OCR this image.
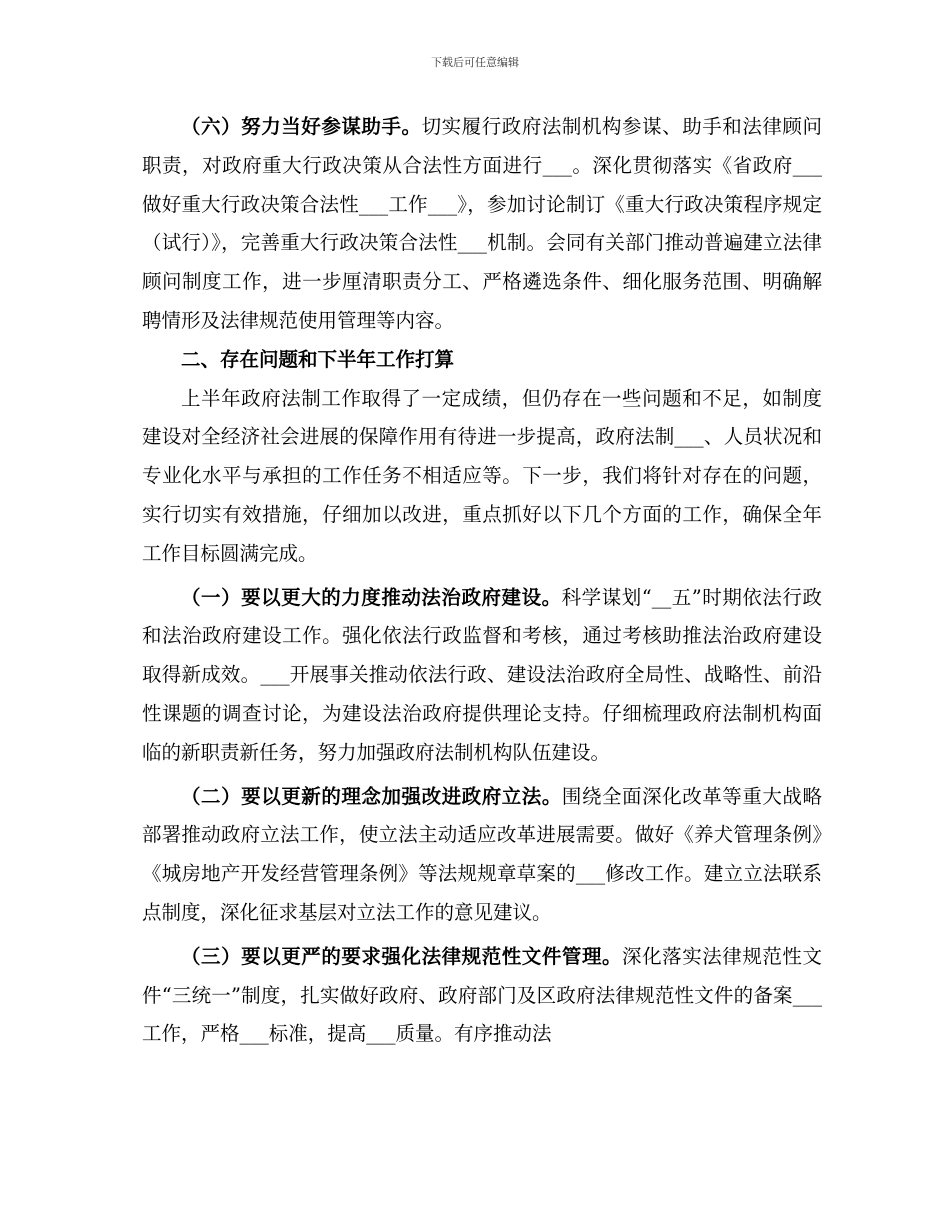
下载后可任意编辑

（六）努力当好参谋助手。切实履行政府法制机构参谋、助手和法律顾问职责，对政府重大行政决策从合法性方面进行___。深化贯彻落实《省政府___做好重大行政决策合法性___工作___》，参加讨论制订《重大行政决策程序规定（试行）》，完善重大行政决策合法性___机制。会同有关部门推动普遍建立法律顾问制度工作，进一步厘清职责分工、严格遴选条件、细化服务范围、明确解聘情形及法律规范使用管理等内容。

二、存在问题和下半年工作打算

上半年政府法制工作取得了一定成绩，但仍存在一些问题和不足，如制度建设对全经济社会进展的保障作用有待进一步提高，政府法制___、人员状况和专业化水平与承担的工作任务不相适应等。下一步，我们将针对存在的问题，实行切实有效措施，仔细加以改进，重点抓好以下几个方面的工作，确保全年工作目标圆满完成。

（一）要以更大的力度推动法治政府建设。科学谋划“__五”时期依法行政和法治政府建设工作。强化依法行政监督和考核，通过考核助推法治政府建设取得新成效。___开展事关推动依法行政、建设法治政府全局性、战略性、前沿性课题的调查讨论，为建设法治政府提供理论支持。仔细梳理政府法制机构面临的新职责新任务，努力加强政府法制机构队伍建设。

（二）要以更新的理念加强改进政府立法。围绕全面深化改革等重大战略部署推动政府立法工作，使立法主动适应改革进展需要。做好《养犬管理条例》《城房地产开发经营管理条例》等法规规章草案的___修改工作。建立立法联系点制度，深化征求基层对立法工作的意见建议。

（三）要以更严的要求强化法律规范性文件管理。深化落实法律规范性文件“三统一”制度，扎实做好政府、政府部门及区政府法律规范性文件的备案___工作，严格___标准，提高___质量。有序推动法
